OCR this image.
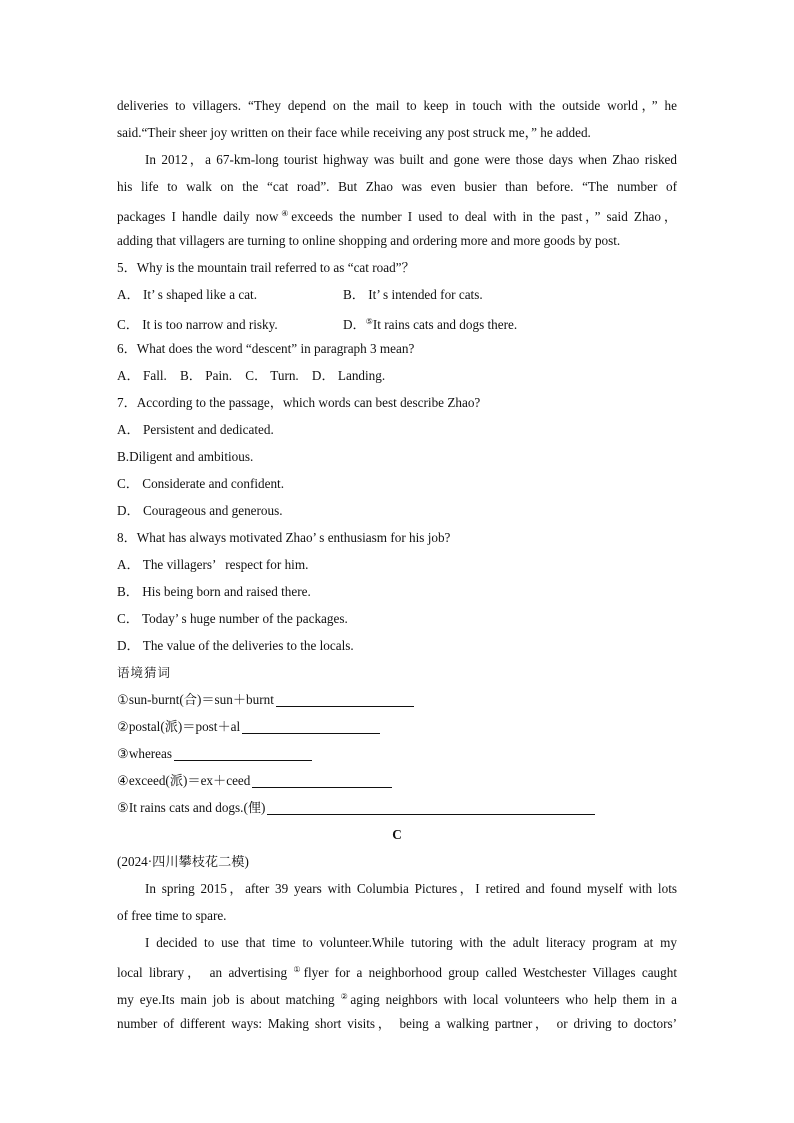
deliveries to villagers. “They depend on the mail to keep in touch with the outside world，” he
said.“Their sheer joy written on their face while receiving any post struck me，” he added.
In 2012，a 67-km-long tourist highway was built and gone were those days when Zhao risked
his life to walk on the “cat road”. But Zhao was even busier than before. “The number of
packages I handle daily now④exceeds the number I used to deal with in the past，” said Zhao，
adding that villagers are turning to online shopping and ordering more and more goods by post.
5．Why is the mountain trail referred to as “cat road”？
A． It’ s shaped like a cat.	B． It’ s intended for cats.
C． It is too narrow and risky.	D．⑤It rains cats and dogs there.
6．What does the word “descent” in paragraph 3 mean?
A． Fall.    B． Pain.    C． Turn.    D． Landing.
7．According to the passage，which words can best describe Zhao?
A． Persistent and dedicated.
B.Diligent and ambitious.
C． Considerate and confident.
D． Courageous and generous.
8．What has always motivated Zhao’ s enthusiasm for his job?
A． The villagers’   respect for him.
B． His being born and raised there.
C． Today’ s huge number of the packages.
D． The value of the deliveries to the locals.
语境猜词
①sun-burnt(合)＝sun＋burnt
②postal(派)＝post＋al
③whereas
④exceed(派)＝ex＋ceed
⑤It rains cats and dogs.(俚)
C
(2024·四川攀枝花二模)
In spring 2015，after 39 years with Columbia Pictures，I retired and found myself with lots
of free time to spare.
I decided to use that time to volunteer.While tutoring with the adult literacy program at my
local library， an advertising ①flyer for a neighborhood group called Westchester Villages caught
my eye.Its main job is about matching ②aging neighbors with local volunteers who help them in a
number of different ways: Making short visits， being a walking partner， or driving to doctors’
